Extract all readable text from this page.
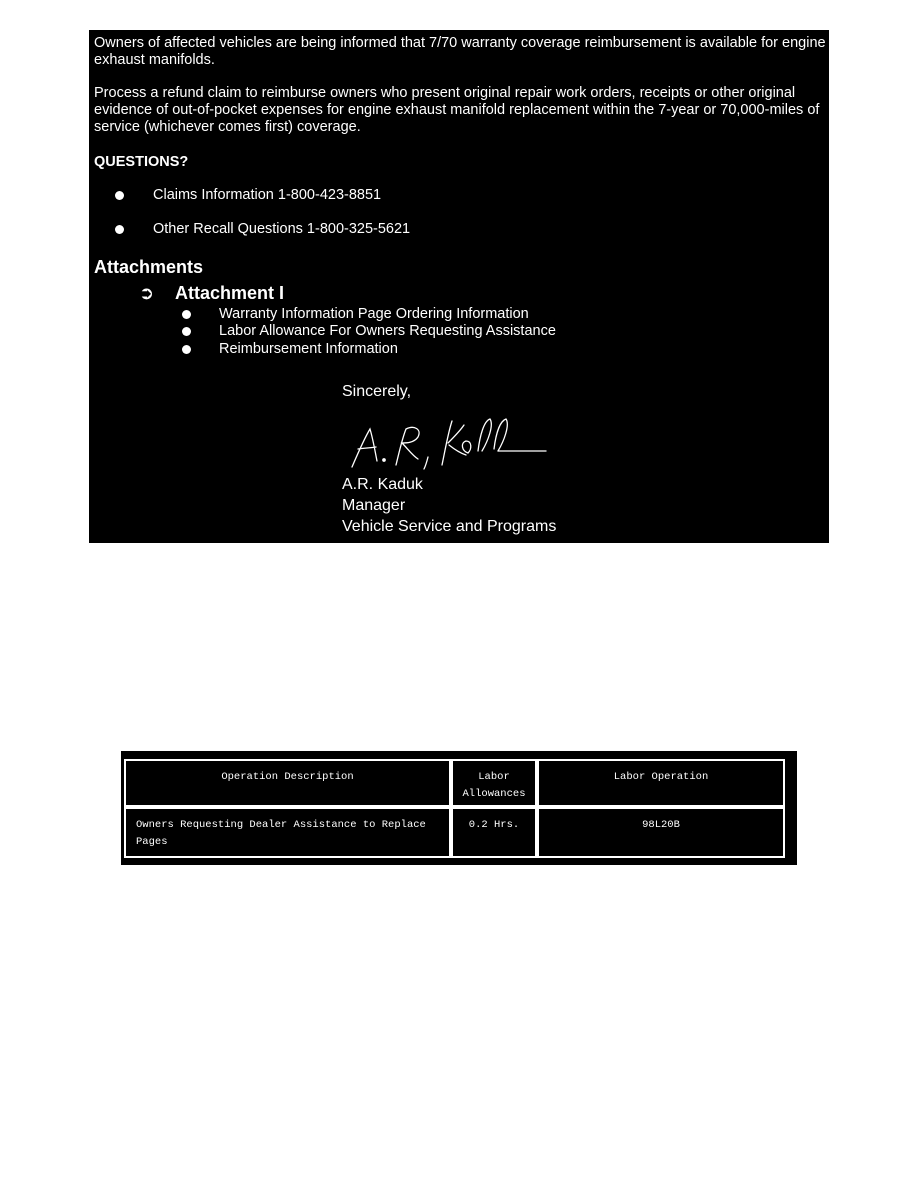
Owners of affected vehicles are being informed that 7/70 warranty coverage reimbursement is available for engine exhaust manifolds.

Process a refund claim to reimburse owners who present original repair work orders, receipts or other original evidence of out-of-pocket expenses for engine exhaust manifold replacement within the 7-year or 70,000-miles of service (whichever comes first) coverage.

QUESTIONS?

Claims Information 1-800-423-8851
Other Recall Questions 1-800-325-5621

Attachments

➲ Attachment I
Warranty Information Page Ordering Information
Labor Allowance For Owners Requesting Assistance
Reimbursement Information
Sincerely,
A.R. Kaduk
Manager
Vehicle Service and Programs
Operation Description	Labor Allowances
Labor Operation
Owners Requesting Dealer Assistance to Replace Pages
0.2 Hrs.	98L20B
